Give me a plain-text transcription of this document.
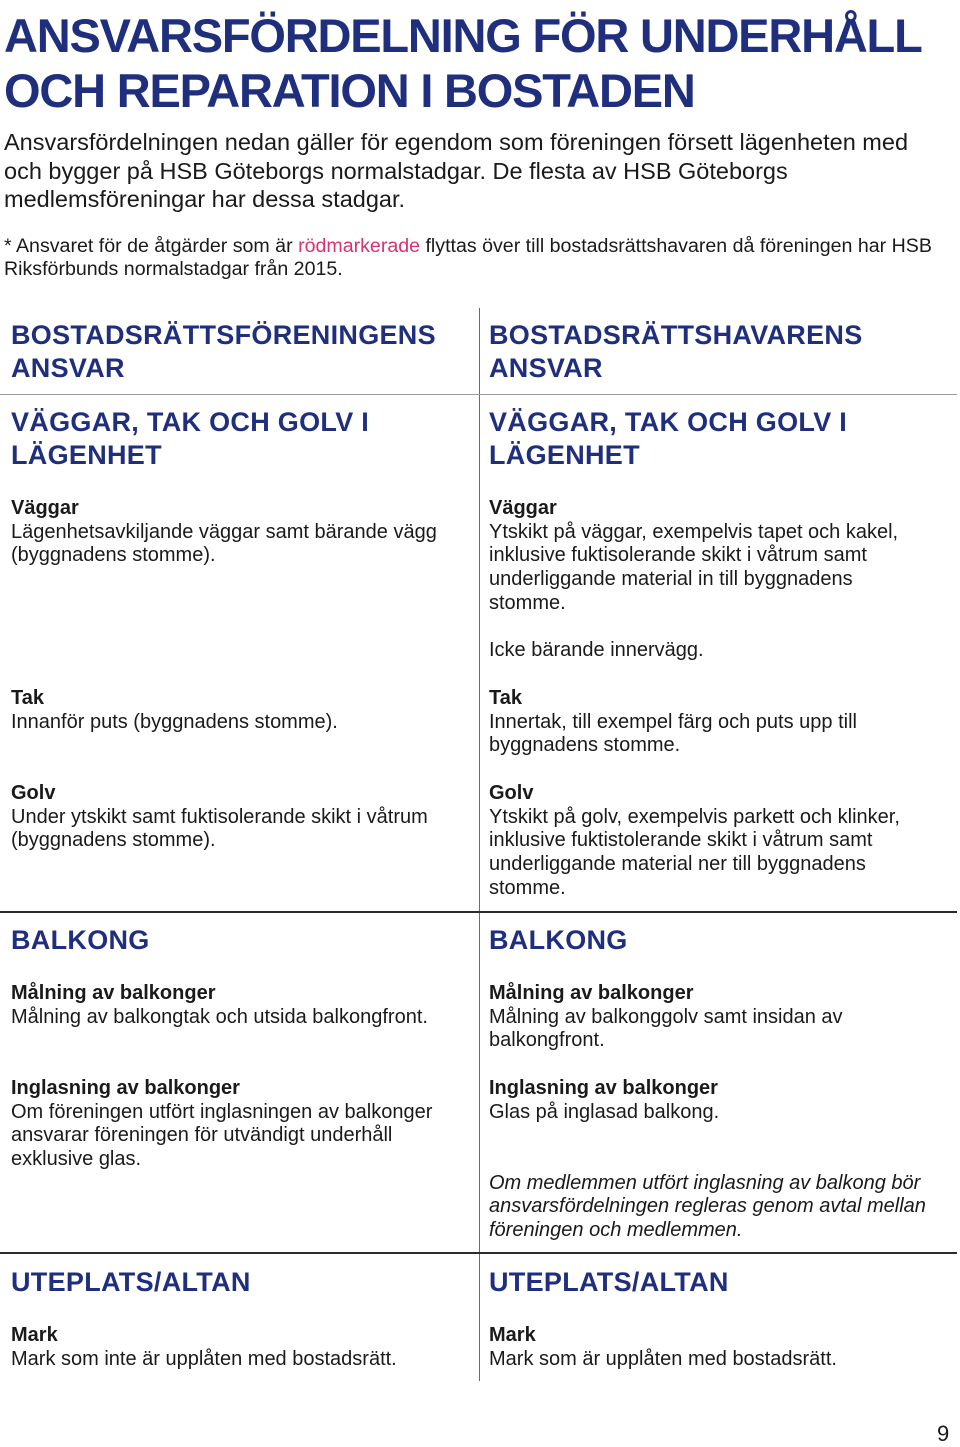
ANSVARSFÖRDELNING FÖR UNDERHÅLL OCH REPARATION I BOSTADEN

Ansvarsfördelningen nedan gäller för egendom som föreningen försett lägenheten med och bygger på HSB Göteborgs normalstadgar. De flesta av HSB Göteborgs medlemsföreningar har dessa stadgar.

* Ansvaret för de åtgärder som är rödmarkerade flyttas över till bostadsrättshavaren då föreningen har HSB Riksförbunds normalstadgar från 2015.

BOSTADSRÄTTSFÖRENINGENS ANSVAR
BOSTADSRÄTTSHAVARENS ANSVAR
VÄGGAR, TAK OCH GOLV I LÄGENHET
VÄGGAR, TAK OCH GOLV I LÄGENHET

Väggar

Lägenhetsavkiljande väggar samt bärande vägg (byggnadens stomme).

Väggar

Ytskikt på väggar, exempelvis tapet och kakel, inklusive fuktisolerande skikt i våtrum samt underliggande material in till byggnadens stomme.

Icke bärande innervägg.

Tak

Innanför puts (byggnadens stomme).

Tak

Innertak, till exempel färg och puts upp till byggnadens stomme.

Golv

Under ytskikt samt fuktisolerande skikt i våtrum (byggnadens stomme).

Golv

Ytskikt på golv, exempelvis parkett och klinker, inklusive fuktistolerande skikt i våtrum samt underliggande material ner till byggnadens stomme.

BALKONG	BALKONG

Målning av balkonger

Målning av balkongtak och utsida balkongfront.

Målning av balkonger

Målning av balkonggolv samt insidan av balkongfront.

Inglasning av balkonger

Om föreningen utfört inglasningen av balkonger ansvarar föreningen för utvändigt underhåll exklusive glas.

Inglasning av balkonger

Glas på inglasad balkong.

Om medlemmen utfört inglasning av balkong bör ansvarsfördelningen regleras genom avtal mellan föreningen och medlemmen.

UTEPLATS/ALTAN	UTEPLATS/ALTAN

Mark

Mark som inte är upplåten med bostadsrätt.

Mark

Mark som är upplåten med bostadsrätt.

9
